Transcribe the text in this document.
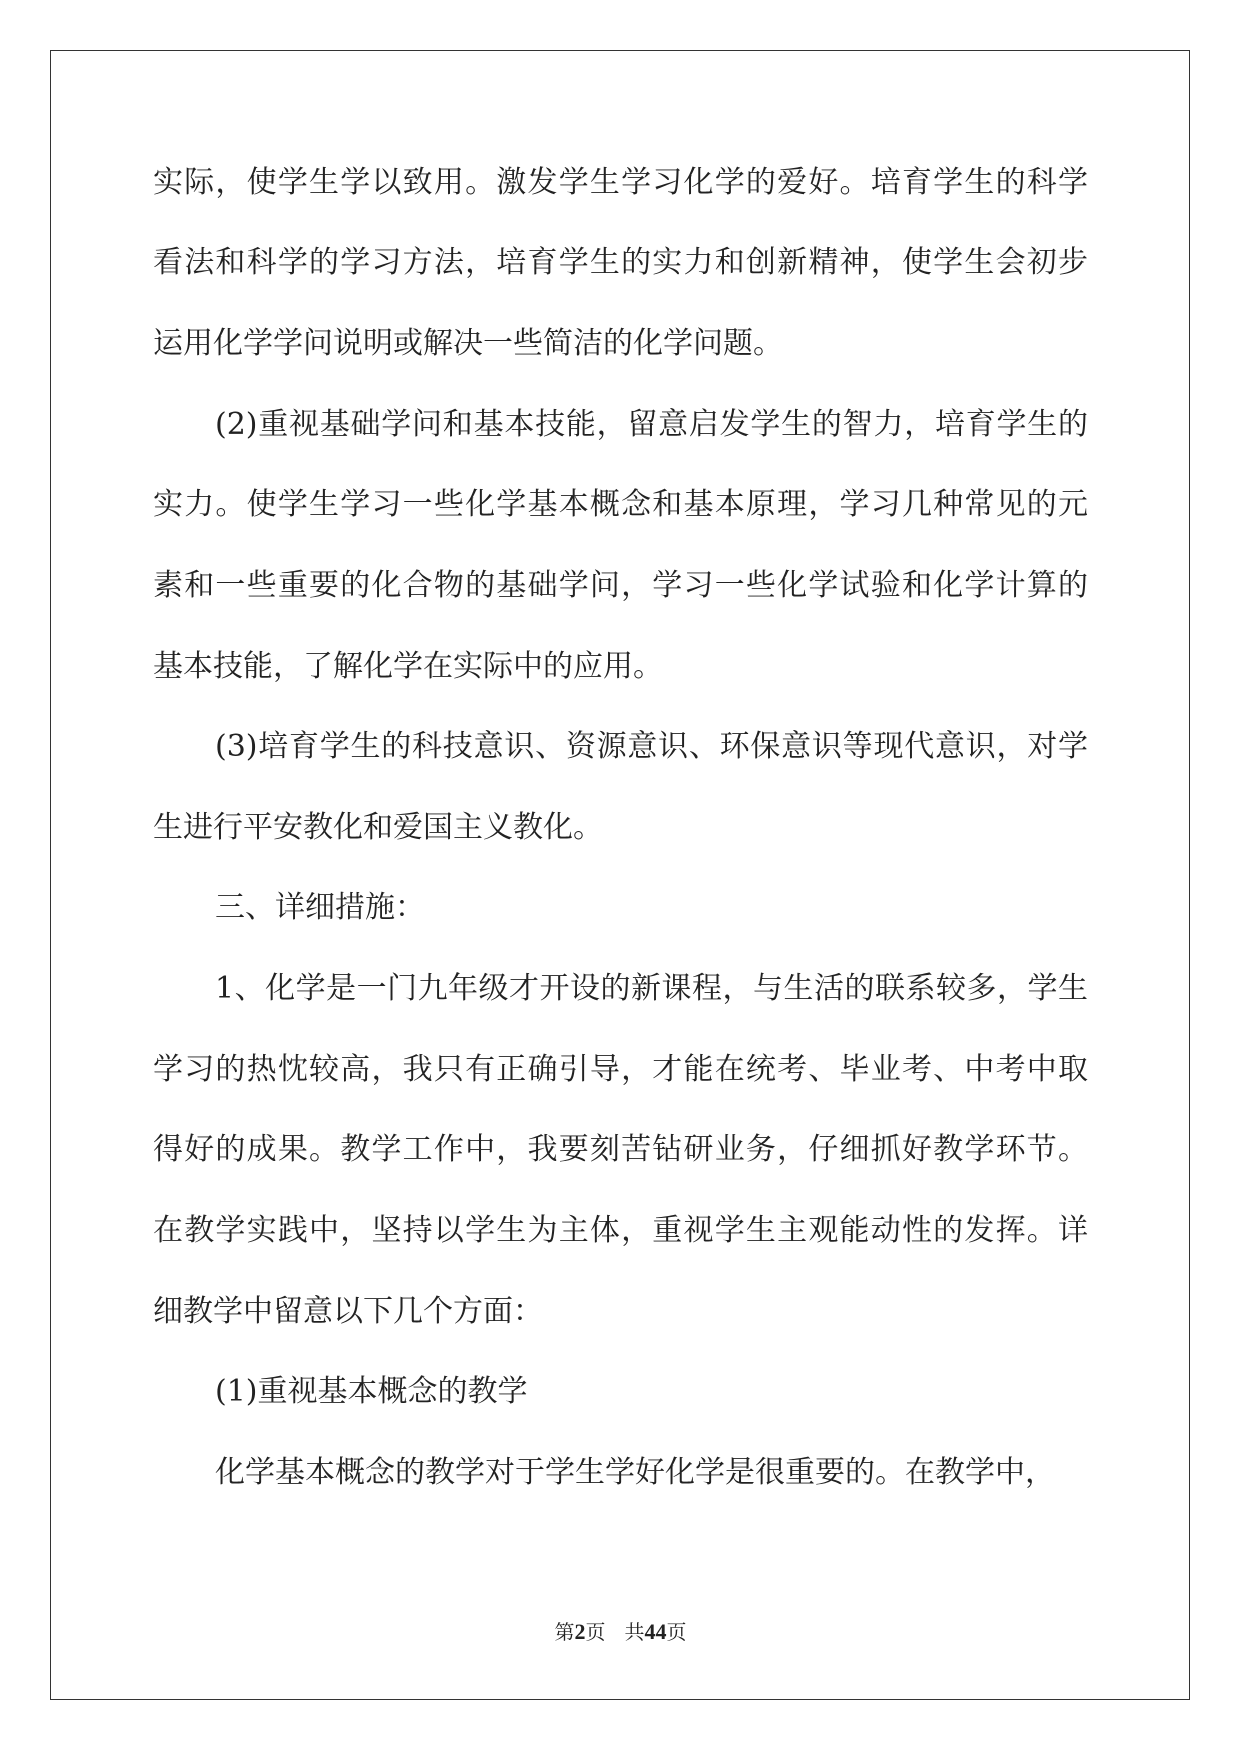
实际，使学生学以致用。激发学生学习化学的爱好。培育学生的科学
看法和科学的学习方法，培育学生的实力和创新精神，使学生会初步
运用化学学问说明或解决一些简洁的化学问题。
(2)重视基础学问和基本技能，留意启发学生的智力，培育学生的
实力。使学生学习一些化学基本概念和基本原理，学习几种常见的元
素和一些重要的化合物的基础学问，学习一些化学试验和化学计算的
基本技能，了解化学在实际中的应用。
(3)培育学生的科技意识、资源意识、环保意识等现代意识，对学
生进行平安教化和爱国主义教化。
三、详细措施：
1、化学是一门九年级才开设的新课程，与生活的联系较多，学生
学习的热忱较高，我只有正确引导，才能在统考、毕业考、中考中取
得好的成果。教学工作中，我要刻苦钻研业务，仔细抓好教学环节。
在教学实践中，坚持以学生为主体，重视学生主观能动性的发挥。详
细教学中留意以下几个方面：
(1)重视基本概念的教学
化学基本概念的教学对于学生学好化学是很重要的。在教学中，
第2页 共44页
